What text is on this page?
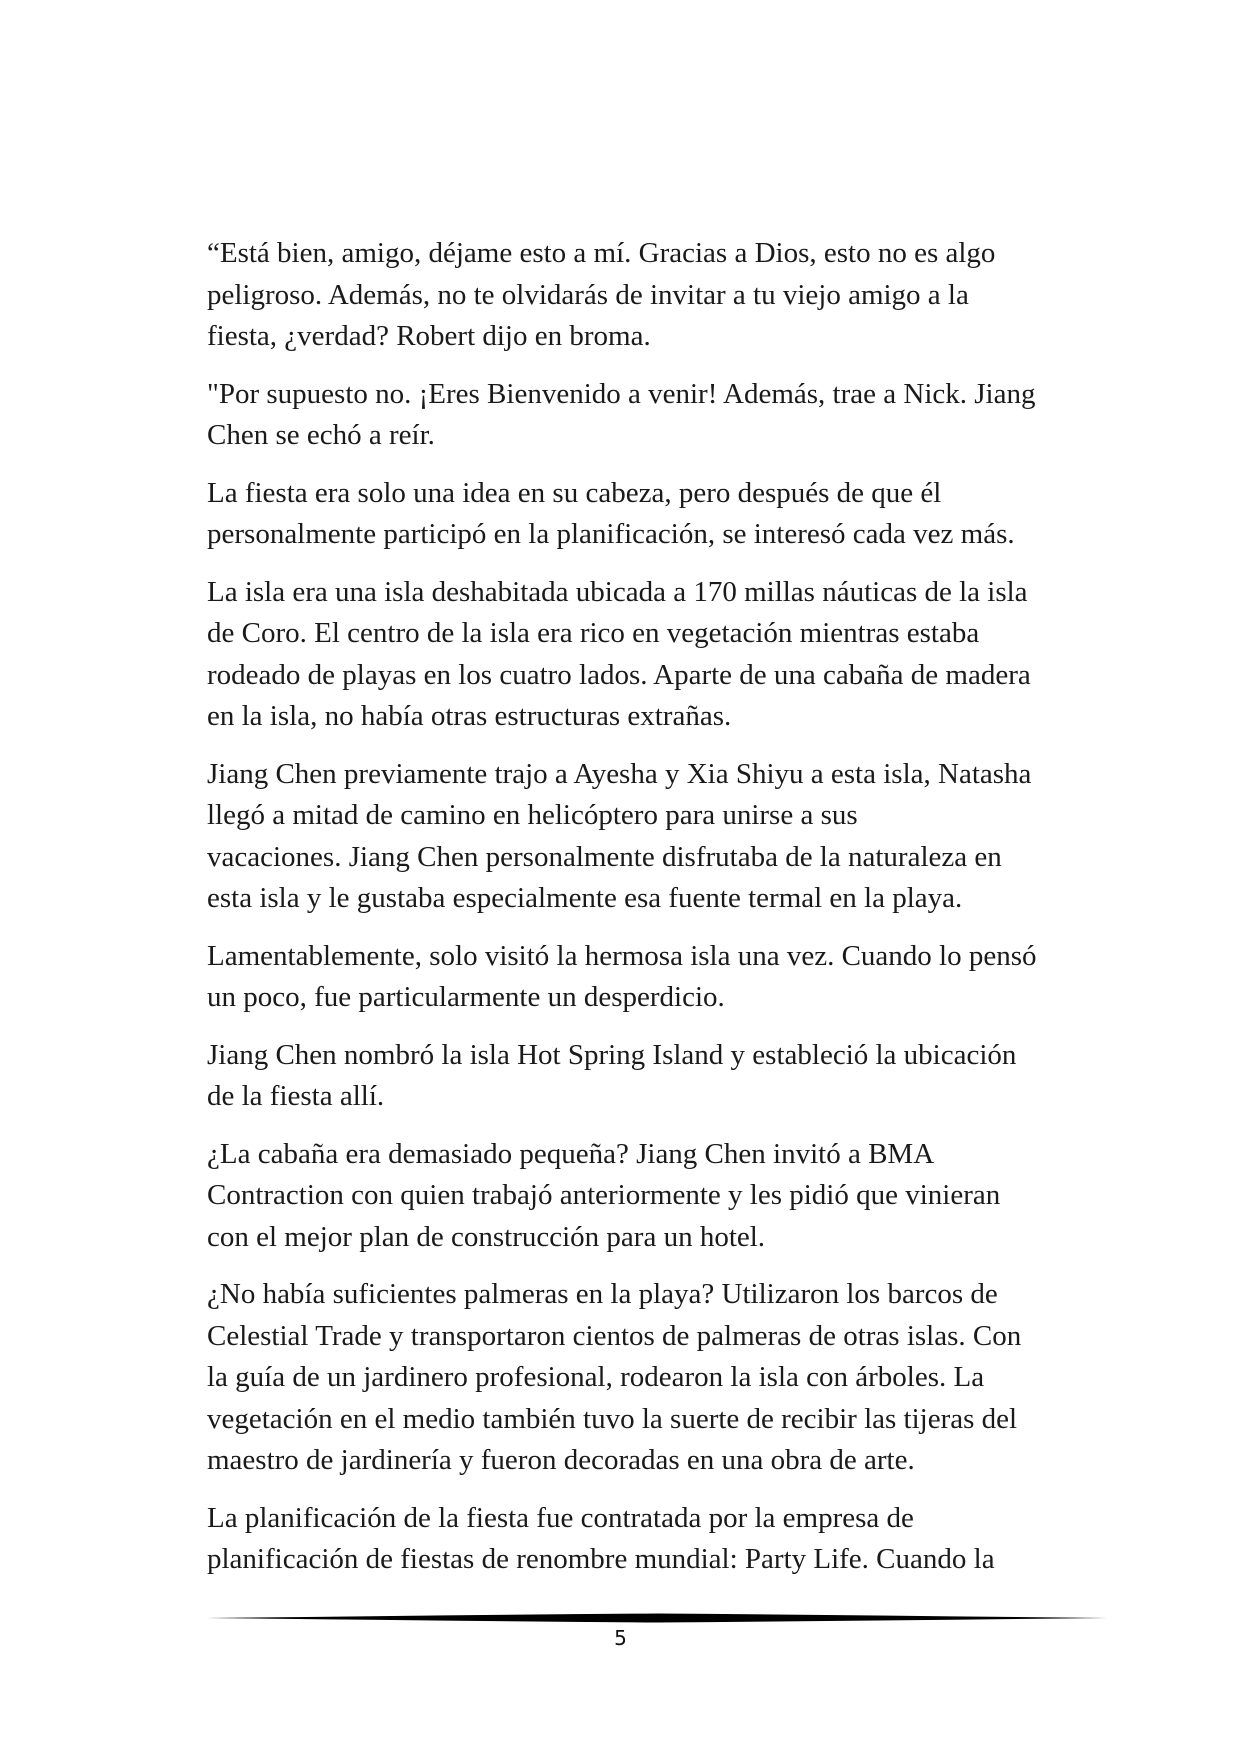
“Está bien, amigo, déjame esto a mí. Gracias a Dios, esto no es algo
peligroso. Además, no te olvidarás de invitar a tu viejo amigo a la
fiesta, ¿verdad? Robert dijo en broma.

"Por supuesto no. ¡Eres Bienvenido a venir! Además, trae a Nick. Jiang
Chen se echó a reír.

La fiesta era solo una idea en su cabeza, pero después de que él
personalmente participó en la planificación, se interesó cada vez más.

La isla era una isla deshabitada ubicada a 170 millas náuticas de la isla
de Coro. El centro de la isla era rico en vegetación mientras estaba
rodeado de playas en los cuatro lados. Aparte de una cabaña de madera
en la isla, no había otras estructuras extrañas.

Jiang Chen previamente trajo a Ayesha y Xia Shiyu a esta isla, Natasha
llegó a mitad de camino en helicóptero para unirse a sus
vacaciones. Jiang Chen personalmente disfrutaba de la naturaleza en
esta isla y le gustaba especialmente esa fuente termal en la playa.

Lamentablemente, solo visitó la hermosa isla una vez. Cuando lo pensó
un poco, fue particularmente un desperdicio.

Jiang Chen nombró la isla Hot Spring Island y estableció la ubicación
de la fiesta allí.

¿La cabaña era demasiado pequeña? Jiang Chen invitó a BMA
Contraction con quien trabajó anteriormente y les pidió que vinieran
con el mejor plan de construcción para un hotel.

¿No había suficientes palmeras en la playa? Utilizaron los barcos de
Celestial Trade y transportaron cientos de palmeras de otras islas. Con
la guía de un jardinero profesional, rodearon la isla con árboles. La
vegetación en el medio también tuvo la suerte de recibir las tijeras del
maestro de jardinería y fueron decoradas en una obra de arte.

La planificación de la fiesta fue contratada por la empresa de
planificación de fiestas de renombre mundial: Party Life. Cuando la

5
